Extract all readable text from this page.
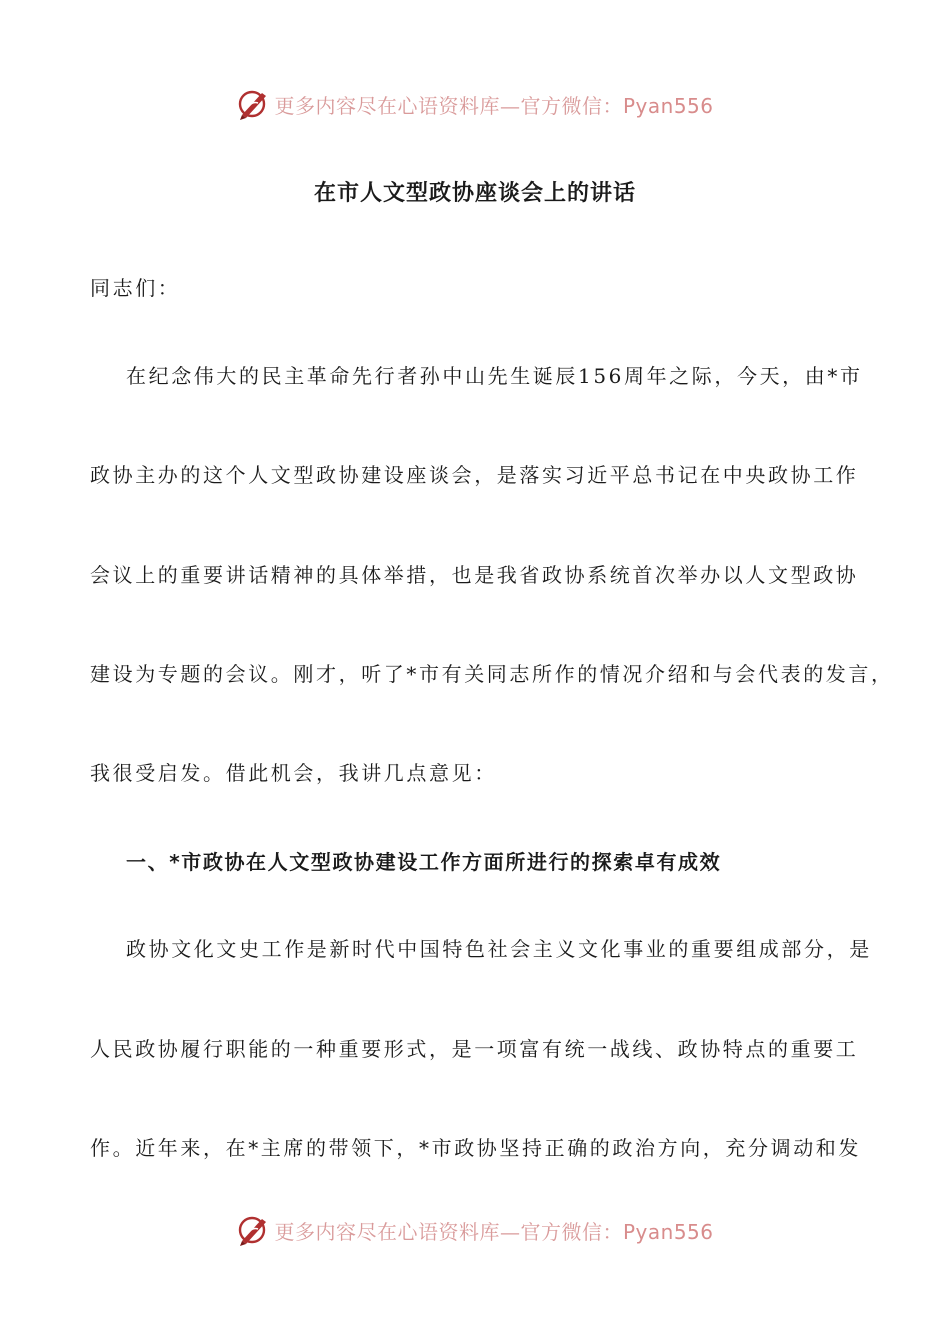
更多内容尽在心语资料库—官方微信：Pyan556
在市人文型政协座谈会上的讲话
同志们：
在纪念伟大的民主革命先行者孙中山先生诞辰156周年之际，今天，由*市
政协主办的这个人文型政协建设座谈会，是落实习近平总书记在中央政协工作
会议上的重要讲话精神的具体举措，也是我省政协系统首次举办以人文型政协
建设为专题的会议。刚才，听了*市有关同志所作的情况介绍和与会代表的发言，
我很受启发。借此机会，我讲几点意见：
一、*市政协在人文型政协建设工作方面所进行的探索卓有成效
政协文化文史工作是新时代中国特色社会主义文化事业的重要组成部分，是
人民政协履行职能的一种重要形式，是一项富有统一战线、政协特点的重要工
作。近年来，在*主席的带领下，*市政协坚持正确的政治方向，充分调动和发
更多内容尽在心语资料库—官方微信：Pyan556
